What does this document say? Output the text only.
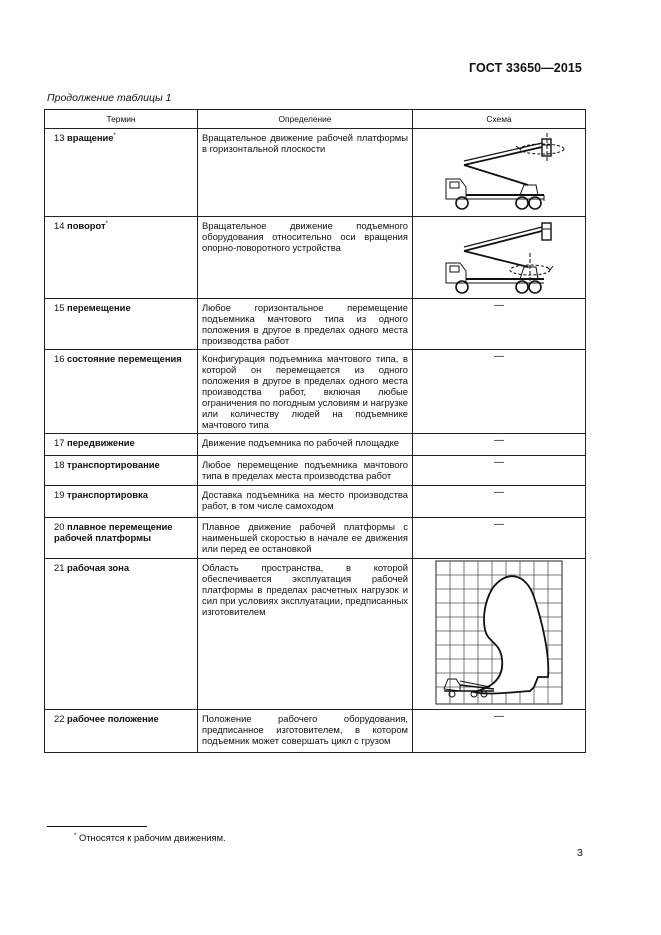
ГОСТ 33650—2015
Продолжение таблицы 1
Термин	Определение	Схема
13 вращение*	Вращательное движение рабочей платформы в горизонтальной плоскости	

14 поворот*	Вращательное движение подъемного оборудования относительно оси вращения опорно-поворотного устройства	

15 перемещение	Любое горизонтальное перемещение подъемника мачтового типа из одного положения в другое в пределах одного места производства работ	—
16 состояние перемещения	Конфигурация подъемника мачтового типа, в которой он перемещается из одного положения в другое в пределах одного места производства работ, включая любые ограничения по погодным условиям и нагрузке или количеству людей на подъемнике мачтового типа	—
17 передвижение	Движение подъемника по рабочей площадке	—
18 транспортирование	Любое перемещение подъемника мачтового типа в пределах места производства работ	—
19 транспортировка	Доставка подъемника на место производства работ, в том числе самоходом	—
20 плавное перемещение рабочей платформы	Плавное движение рабочей платформы с наименьшей скоростью в начале ее движения или перед ее остановкой	—
21 рабочая зона	Область пространства, в которой обеспечивается эксплуатация рабочей платформы в пределах расчетных нагрузок и сил при условиях эксплуатации, предписанных изготовителем	

22 рабочее положение	Положение рабочего оборудования, предписанное изготовителем, в котором подъемник может совершать цикл с грузом	—
* Относятся к рабочим движениям.
3
